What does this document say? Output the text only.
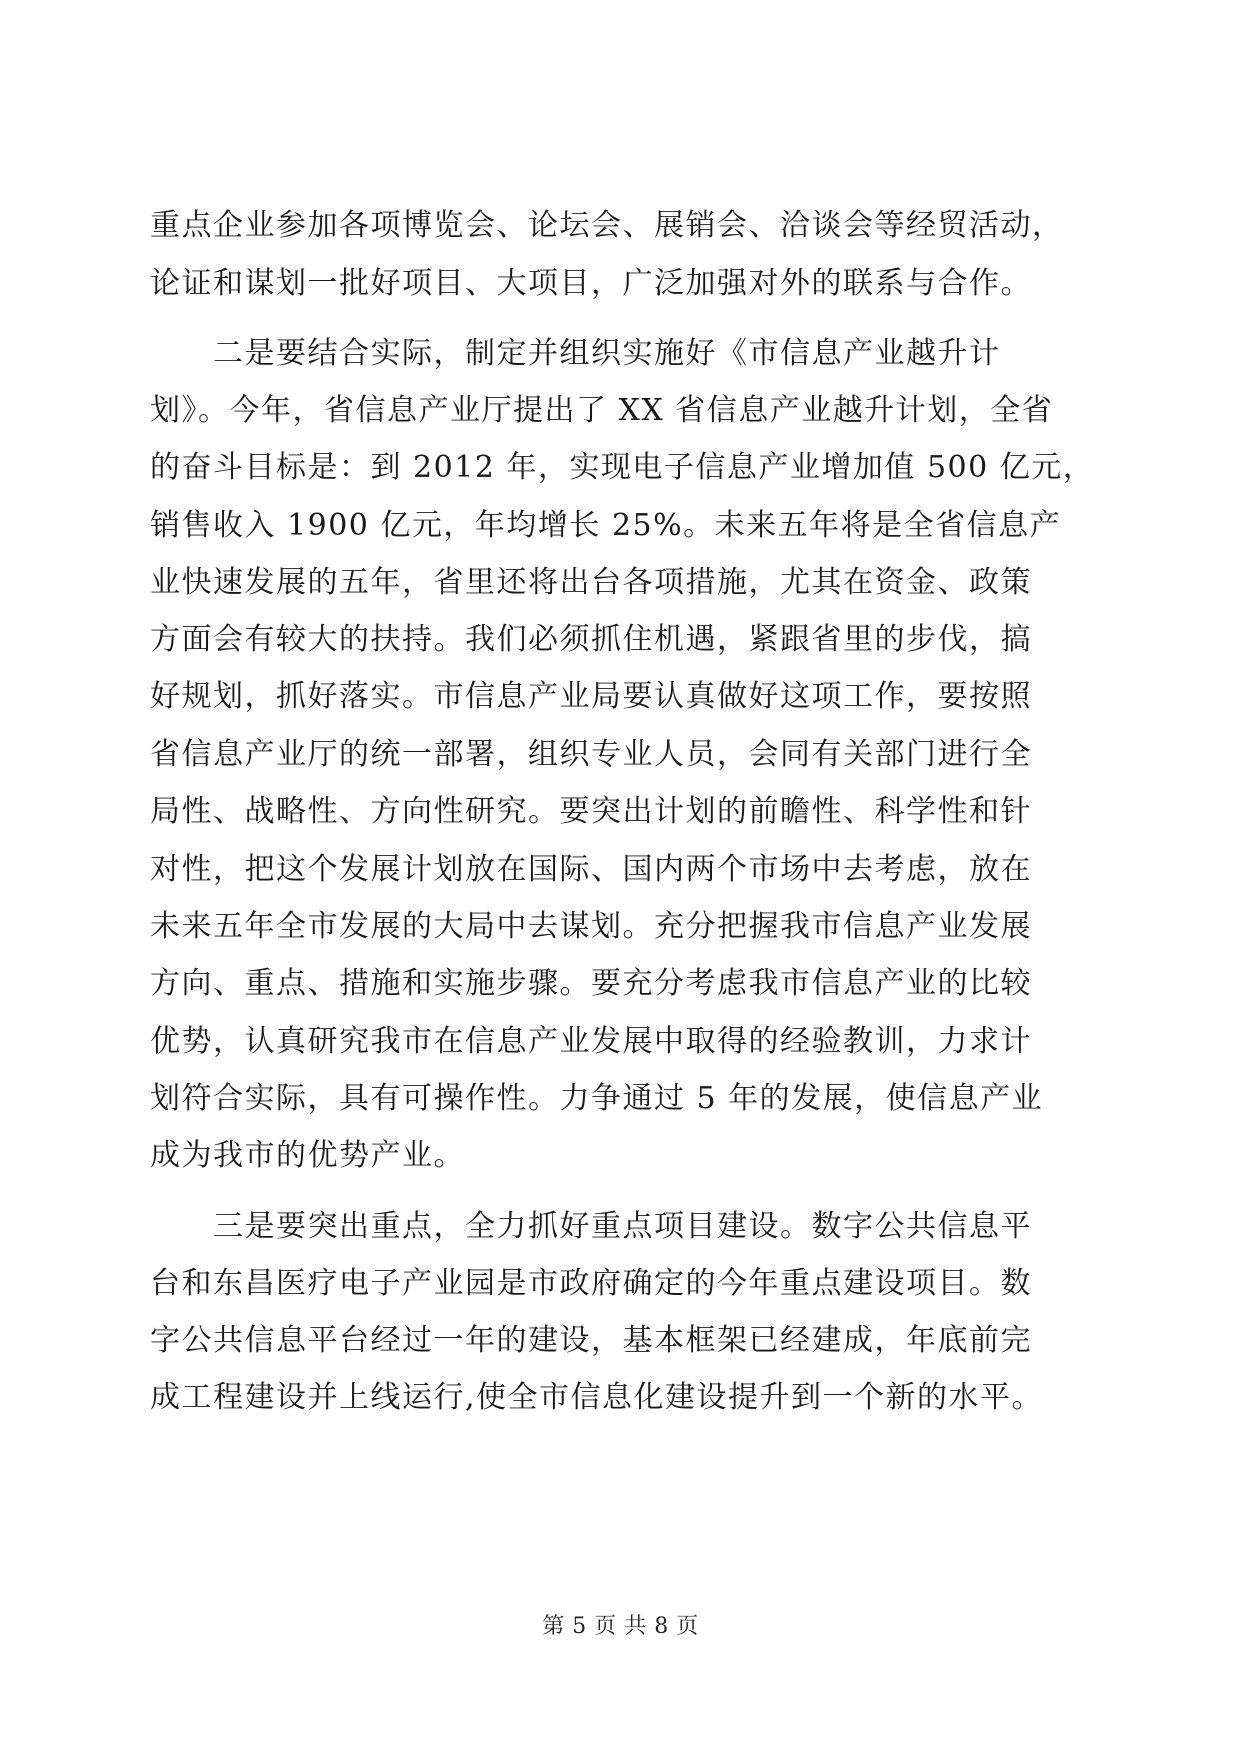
重点企业参加各项博览会、论坛会、展销会、洽谈会等经贸活动，
论证和谋划一批好项目、大项目，广泛加强对外的联系与合作。
　　二是要结合实际，制定并组织实施好《市信息产业越升计
划》。今年，省信息产业厅提出了 XX 省信息产业越升计划，全省
的奋斗目标是：到 2012 年，实现电子信息产业增加值 500 亿元，
销售收入 1900 亿元，年均增长 25%。未来五年将是全省信息产
业快速发展的五年，省里还将出台各项措施，尤其在资金、政策
方面会有较大的扶持。我们必须抓住机遇，紧跟省里的步伐，搞
好规划，抓好落实。市信息产业局要认真做好这项工作，要按照
省信息产业厅的统一部署，组织专业人员，会同有关部门进行全
局性、战略性、方向性研究。要突出计划的前瞻性、科学性和针
对性，把这个发展计划放在国际、国内两个市场中去考虑，放在
未来五年全市发展的大局中去谋划。充分把握我市信息产业发展
方向、重点、措施和实施步骤。要充分考虑我市信息产业的比较
优势，认真研究我市在信息产业发展中取得的经验教训，力求计
划符合实际，具有可操作性。力争通过 5 年的发展，使信息产业
成为我市的优势产业。
　　三是要突出重点，全力抓好重点项目建设。数字公共信息平
台和东昌医疗电子产业园是市政府确定的今年重点建设项目。数
字公共信息平台经过一年的建设，基本框架已经建成，年底前完
成工程建设并上线运行,使全市信息化建设提升到一个新的水平。
第 5 页 共 8 页
